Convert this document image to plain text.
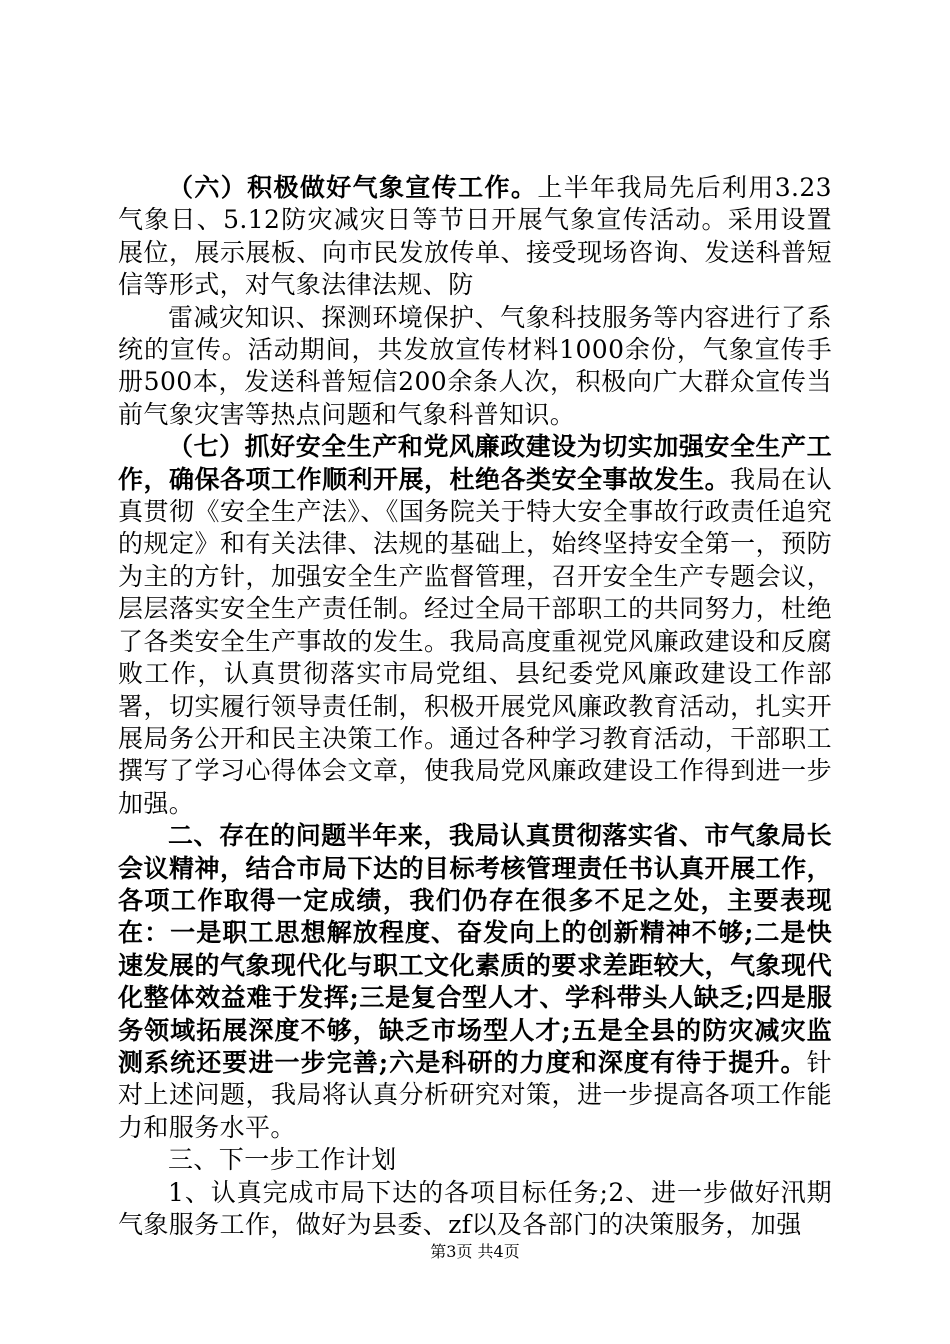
（六）积极做好气象宣传工作。上半年我局先后利用3.23气象日、5.12防灾减灾日等节日开展气象宣传活动。采用设置展位，展示展板、向市民发放传单、接受现场咨询、发送科普短信等形式，对气象法律法规、防

雷减灾知识、探测环境保护、气象科技服务等内容进行了系统的宣传。活动期间，共发放宣传材料1000余份，气象宣传手册500本，发送科普短信200余条人次，积极向广大群众宣传当前气象灾害等热点问题和气象科普知识。

（七）抓好安全生产和党风廉政建设为切实加强安全生产工作，确保各项工作顺利开展，杜绝各类安全事故发生。我局在认真贯彻《安全生产法》、《国务院关于特大安全事故行政责任追究的规定》和有关法律、法规的基础上，始终坚持安全第一，预防为主的方针，加强安全生产监督管理，召开安全生产专题会议，层层落实安全生产责任制。经过全局干部职工的共同努力，杜绝了各类安全生产事故的发生。我局高度重视党风廉政建设和反腐败工作，认真贯彻落实市局党组、县纪委党风廉政建设工作部署，切实履行领导责任制，积极开展党风廉政教育活动，扎实开展局务公开和民主决策工作。通过各种学习教育活动，干部职工撰写了学习心得体会文章，使我局党风廉政建设工作得到进一步加强。

二、存在的问题半年来，我局认真贯彻落实省、市气象局长会议精神，结合市局下达的目标考核管理责任书认真开展工作，各项工作取得一定成绩，我们仍存在很多不足之处，主要表现在：一是职工思想解放程度、奋发向上的创新精神不够;二是快速发展的气象现代化与职工文化素质的要求差距较大，气象现代化整体效益难于发挥;三是复合型人才、学科带头人缺乏;四是服务领域拓展深度不够，缺乏市场型人才;五是全县的防灾减灾监测系统还要进一步完善;六是科研的力度和深度有待于提升。针对上述问题，我局将认真分析研究对策，进一步提高各项工作能力和服务水平。

三、下一步工作计划

1、认真完成市局下达的各项目标任务;2、进一步做好汛期气象服务工作，做好为县委、zf以及各部门的决策服务，加强

第3页 共4页
